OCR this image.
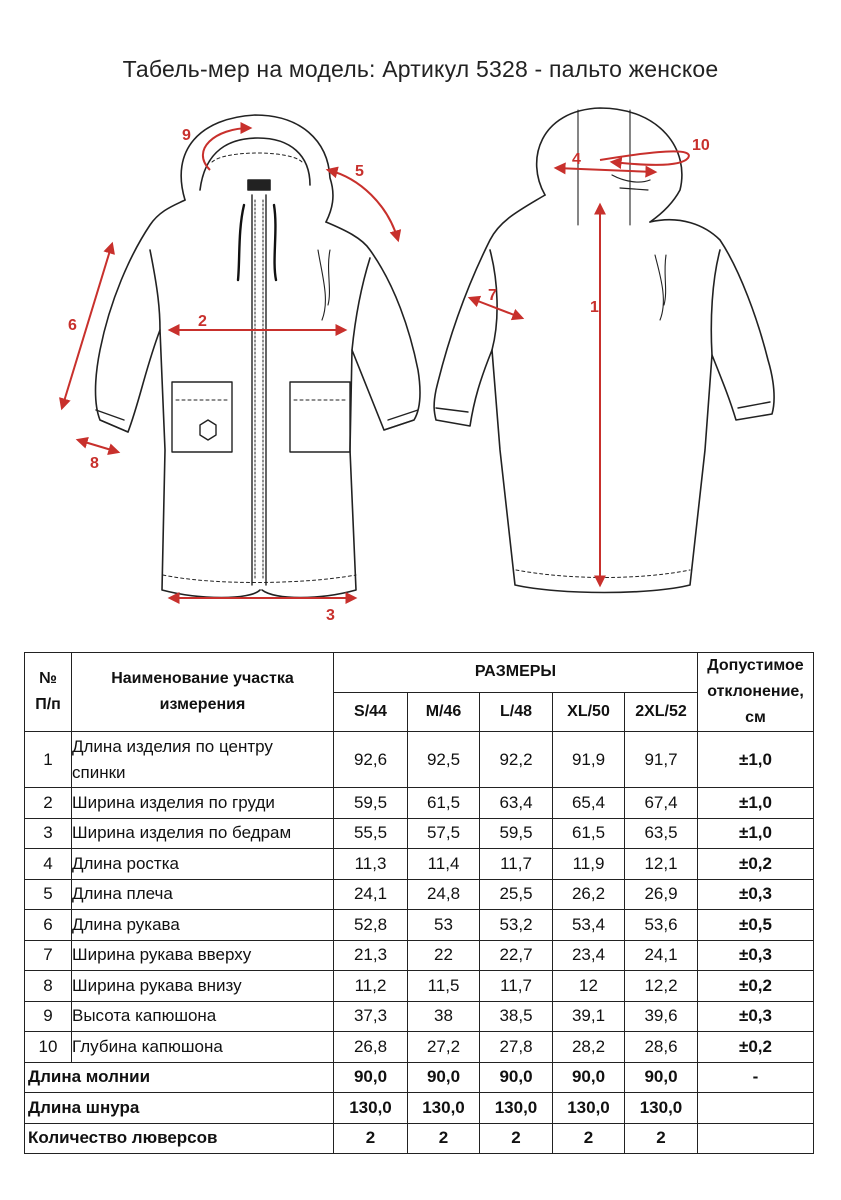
Табель-мер на модель: Артикул 5328 - пальто женское
1
2
3
4
5
6
7
8
9
10
№
П/п	Наименование участка
измерения	РАЗМЕРЫ					Допустимое
отклонение,
см
		S/44	M/46	L/48	XL/50	2XL/52	
1	Длина изделия по центру
спинки	92,6	92,5	92,2	91,9	91,7	±1,0
2	Ширина изделия по груди	59,5	61,5	63,4	65,4	67,4	±1,0
3	Ширина изделия по бедрам	55,5	57,5	59,5	61,5	63,5	±1,0
4	Длина ростка	11,3	11,4	11,7	11,9	12,1	±0,2
5	Длина плеча	24,1	24,8	25,5	26,2	26,9	±0,3
6	Длина рукава	52,8	53	53,2	53,4	53,6	±0,5
7	Ширина рукава вверху	21,3	22	22,7	23,4	24,1	±0,3
8	Ширина рукава внизу	11,2	11,5	11,7	12	12,2	±0,2
9	Высота капюшона	37,3	38	38,5	39,1	39,6	±0,3
10	Глубина капюшона	26,8	27,2	27,8	28,2	28,6	±0,2
Длина молнии		90,0	90,0	90,0	90,0	90,0	-
Длина шнура		130,0	130,0	130,0	130,0	130,0	
Количество люверсов		2	2	2	2	2	
